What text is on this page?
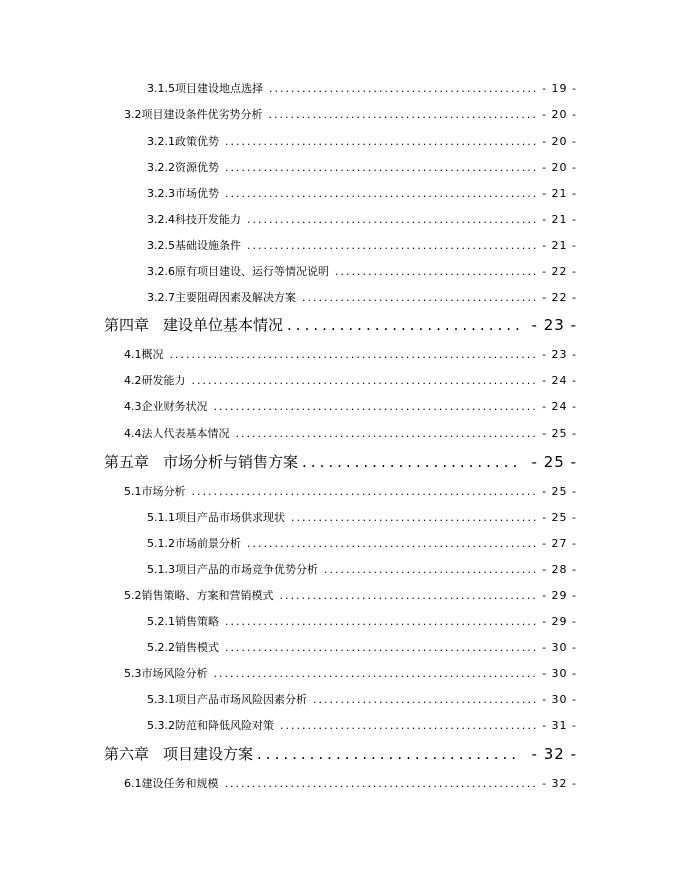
3.1.5项目建设地点选择 .....	- 19 -
3.2项目建设条件优劣势分析 .....	- 20 -
3.2.1政策优势 .....	- 20 -
3.2.2资源优势 .....	- 20 -
3.2.3市场优势 .....	- 21 -
3.2.4科技开发能力 .....	- 21 -
3.2.5基础设施条件 .....	- 21 -
3.2.6原有项目建设、运行等情况说明 .....	- 22 -
3.2.7主要阻碍因素及解决方案 .....	- 22 -
第四章 建设单位基本情况 .....	- 23 -
4.1概况 .....	- 23 -
4.2研发能力 .....	- 24 -
4.3企业财务状况 .....	- 24 -
4.4法人代表基本情况 .....	- 25 -
第五章 市场分析与销售方案 .....	- 25 -
5.1市场分析 .....	- 25 -
5.1.1项目产品市场供求现状 .....	- 25 -
5.1.2市场前景分析 .....	- 27 -
5.1.3项目产品的市场竞争优势分析 .....	- 28 -
5.2销售策略、方案和营销模式 .....	- 29 -
5.2.1销售策略 .....	- 29 -
5.2.2销售模式 .....	- 30 -
5.3市场风险分析 .....	- 30 -
5.3.1项目产品市场风险因素分析 .....	- 30 -
5.3.2防范和降低风险对策 .....	- 31 -
第六章 项目建设方案 .....	- 32 -
6.1建设任务和规模 .....	- 32 -
